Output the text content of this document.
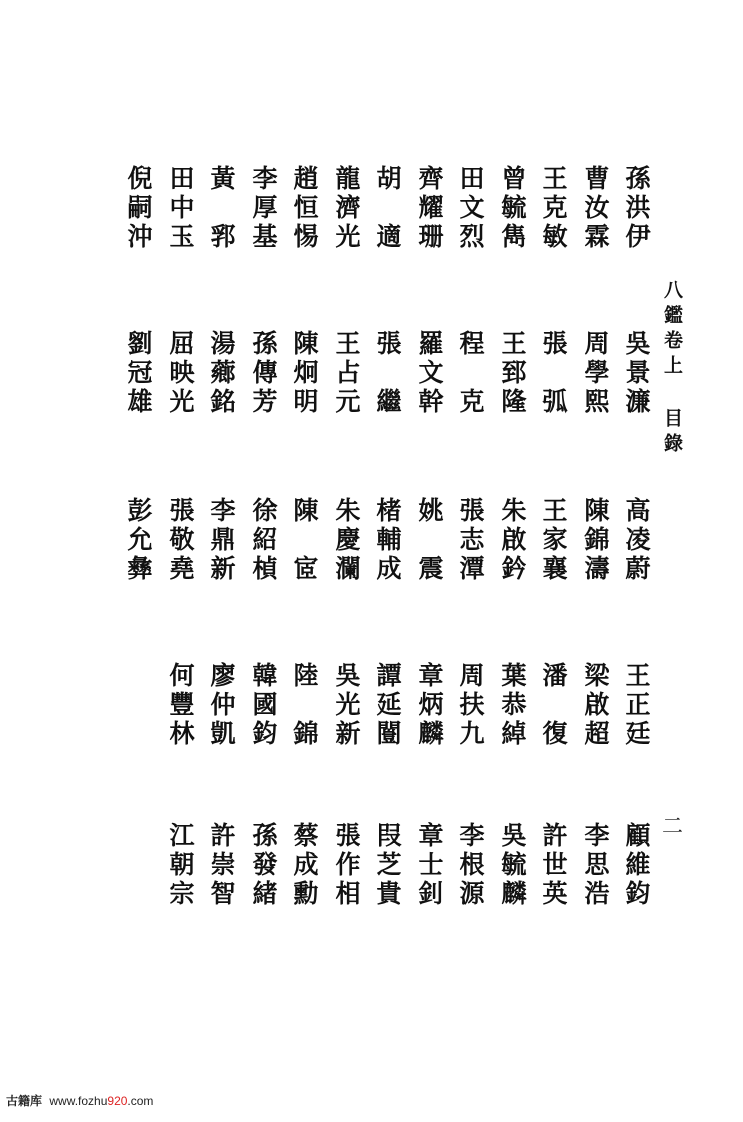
八鑑卷上目錄
二
孫洪伊
曹汝霖
王克敏
曾毓雋
田文烈
齊耀珊
胡　適
龍濟光
趙恒惕
李厚基
黃　郛
田中玉
倪嗣沖
吳景濂
周學熙
張　弧
王郅隆
程　克
羅文幹
張　繼
王占元
陳炯明
孫傳芳
湯薌銘
屈映光
劉冠雄
高凌蔚
陳錦濤
王家襄
朱啟鈐
張志潭
姚　震
楮輔成
朱慶瀾
陳　宧
徐紹楨
李鼎新
張敬堯
彭允彝
王正廷
梁啟超
潘　復
葉恭綽
周扶九
章炳麟
譚延闓
吳光新
陸　錦
韓國鈞
廖仲凱
何豐林
顧維鈞
李思浩
許世英
吳毓麟
李根源
章士釗
叚芝貴
張作相
蔡成勳
孫發緒
許崇智
江朝宗
古籍库 www.fozhu920.com
